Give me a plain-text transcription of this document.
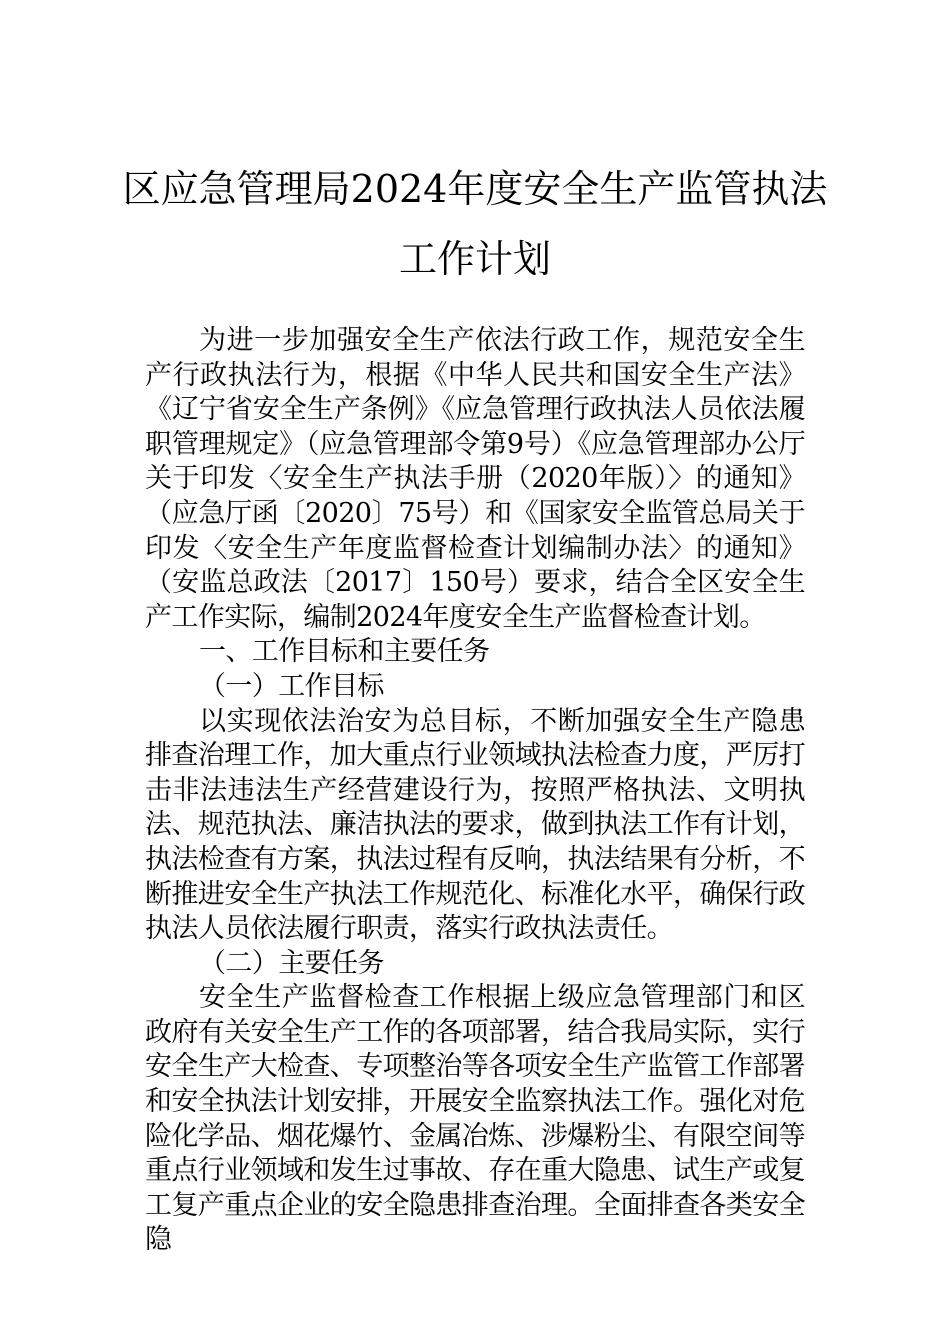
区应急管理局2024年度安全生产监管执法
工作计划

为进一步加强安全生产依法行政工作，规范安全生产行政执法行为，根据《中华人民共和国安全生产法》《辽宁省安全生产条例》《应急管理行政执法人员依法履职管理规定》（应急管理部令第9号）《应急管理部办公厅关于印发〈安全生产执法手册（2020年版）〉的通知》（应急厅函〔2020〕75号）和《国家安全监管总局关于印发〈安全生产年度监督检查计划编制办法〉的通知》（安监总政法〔2017〕150号）要求，结合全区安全生产工作实际，编制2024年度安全生产监督检查计划。

一、工作目标和主要任务

（一）工作目标

以实现依法治安为总目标，不断加强安全生产隐患排查治理工作，加大重点行业领域执法检查力度，严厉打击非法违法生产经营建设行为，按照严格执法、文明执法、规范执法、廉洁执法的要求，做到执法工作有计划，执法检查有方案，执法过程有反响，执法结果有分析，不断推进安全生产执法工作规范化、标准化水平，确保行政执法人员依法履行职责，落实行政执法责任。

（二）主要任务

安全生产监督检查工作根据上级应急管理部门和区政府有关安全生产工作的各项部署，结合我局实际，实行安全生产大检查、专项整治等各项安全生产监管工作部署和安全执法计划安排，开展安全监察执法工作。强化对危险化学品、烟花爆竹、金属冶炼、涉爆粉尘、有限空间等重点行业领域和发生过事故、存在重大隐患、试生产或复工复产重点企业的安全隐患排查治理。全面排查各类安全隐
